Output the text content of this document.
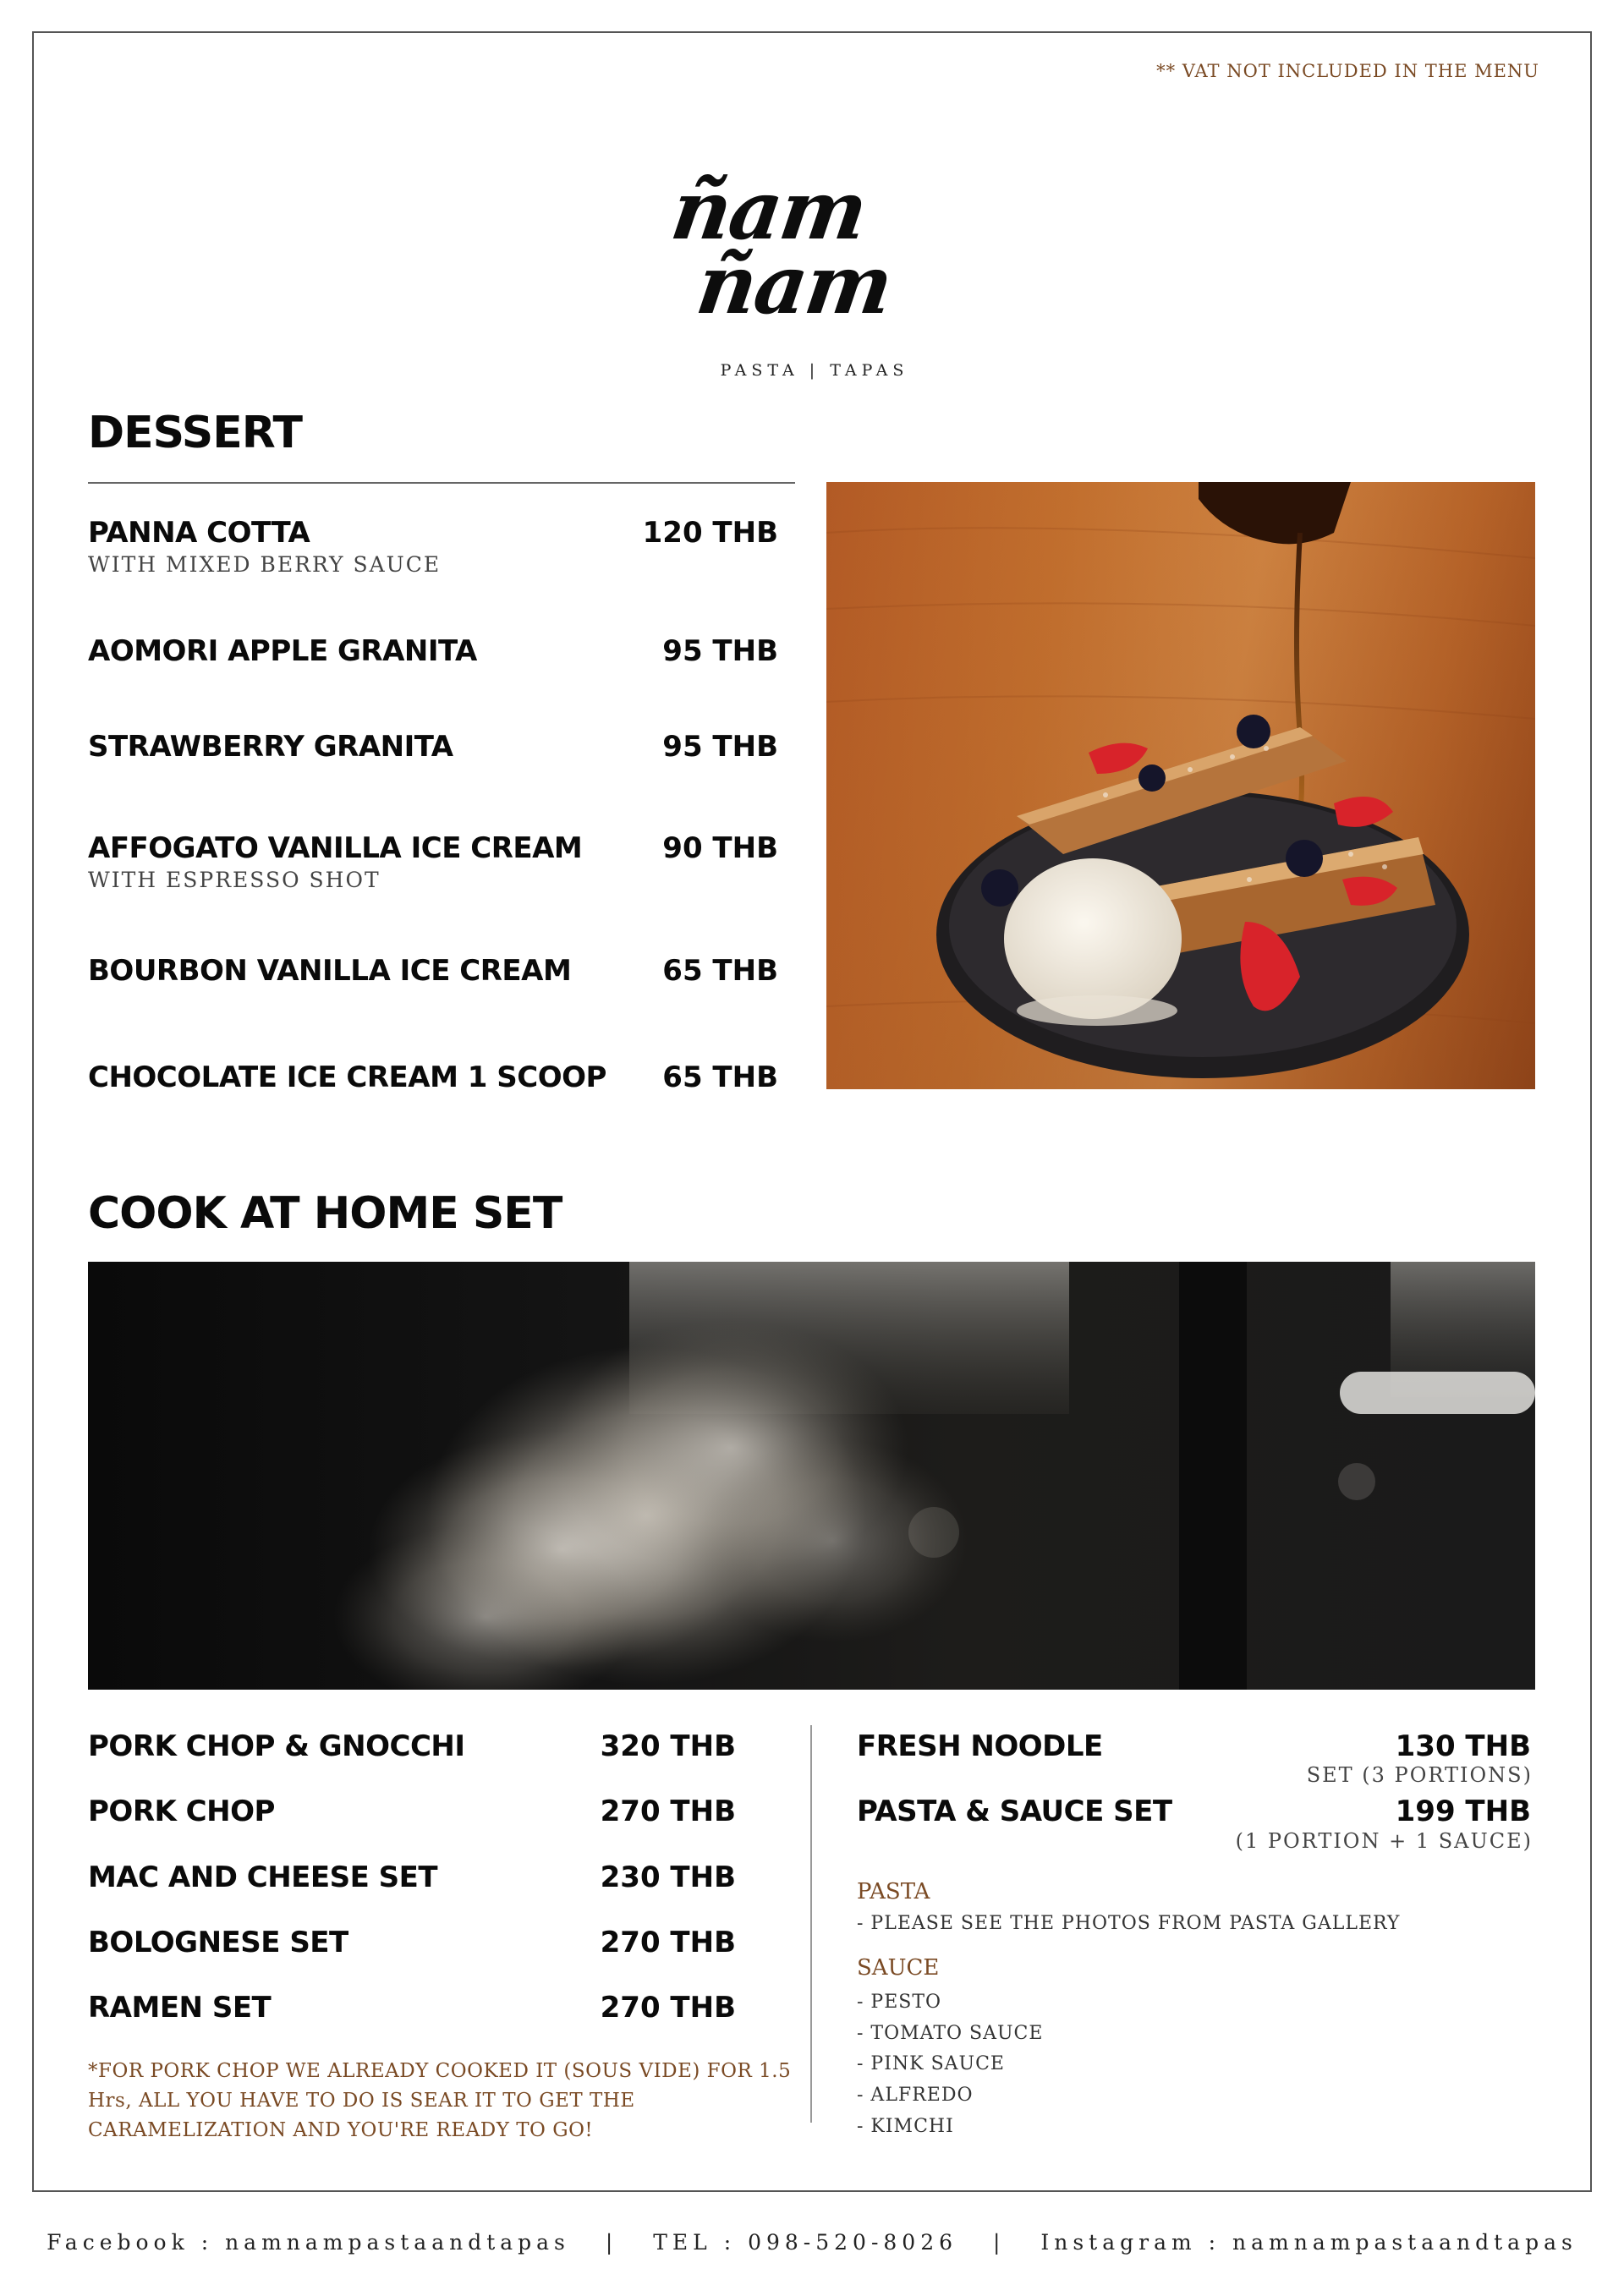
** VAT NOT INCLUDED IN THE MENU
ñam
ñam
PASTA | TAPAS
DESSERT
PANNA COTTA	120 THB
WITH MIXED BERRY SAUCE
AOMORI APPLE GRANITA	95 THB
STRAWBERRY GRANITA	95 THB
AFFOGATO VANILLA ICE CREAM	90 THB
WITH ESPRESSO SHOT
BOURBON VANILLA ICE CREAM	65 THB
CHOCOLATE ICE CREAM 1 SCOOP	65 THB
COOK AT HOME SET
PORK CHOP & GNOCCHI	320 THB
PORK CHOP	270 THB
MAC AND CHEESE SET	230 THB
BOLOGNESE SET	270 THB
RAMEN SET	270 THB
*FOR PORK CHOP WE ALREADY COOKED IT (SOUS VIDE) FOR 1.5 Hrs, ALL YOU HAVE TO DO IS SEAR IT TO GET THE CARAMELIZATION AND YOU'RE READY TO GO!
FRESH NOODLE	130 THB
SET (3 PORTIONS)
PASTA & SAUCE SET	199 THB
(1 PORTION + 1 SAUCE)
PASTA
- PLEASE SEE THE PHOTOS FROM PASTA GALLERY
SAUCE
- PESTO
- TOMATO SAUCE
- PINK SAUCE
- ALFREDO
- KIMCHI
Facebook : namnampastaandtapas | TEL : 098-520-8026 | Instagram : namnampastaandtapas
